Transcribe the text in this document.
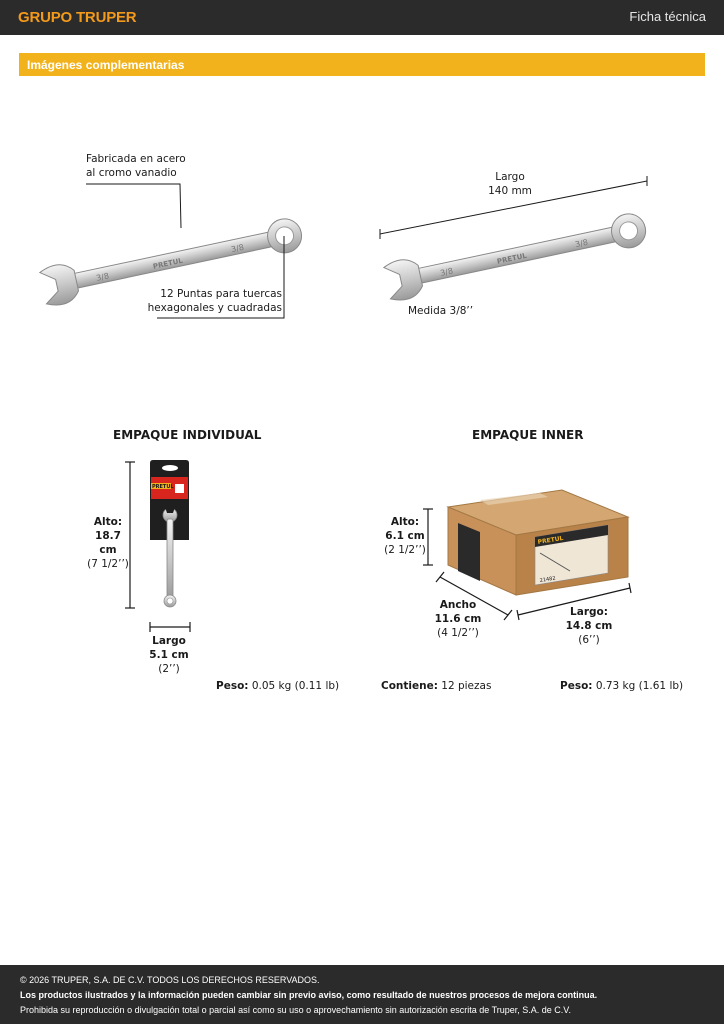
GRUPO TRUPER	Ficha técnica
Imágenes complementarias
3/8
PRETUL
3/8
Fabricada en acero
al cromo vanadio
12 Puntas para tuercas
hexagonales y cuadradas
3/8
PRETUL
3/8
Largo
140 mm
Medida 3/8’’
EMPAQUE INDIVIDUAL	EMPAQUE INNER
PRETUL
Alto:
18.7 cm
(7 1/2’’)
Largo
5.1 cm
(2’’)
Peso: 0.05 kg (0.11 lb)
PRETUL
21482
Alto:
6.1 cm
(2 1/2’’)
Ancho
11.6 cm
(4 1/2’’)
Largo:
14.8 cm
(6’’)
Contiene: 12 piezas	Peso: 0.73 kg (1.61 lb)
© 2026 TRUPER, S.A. DE C.V. TODOS LOS DERECHOS RESERVADOS.
Los productos ilustrados y la información pueden cambiar sin previo aviso, como resultado de nuestros procesos de mejora continua.
Prohibida su reproducción o divulgación total o parcial así como su uso o aprovechamiento sin autorización escrita de Truper, S.A. de C.V.
